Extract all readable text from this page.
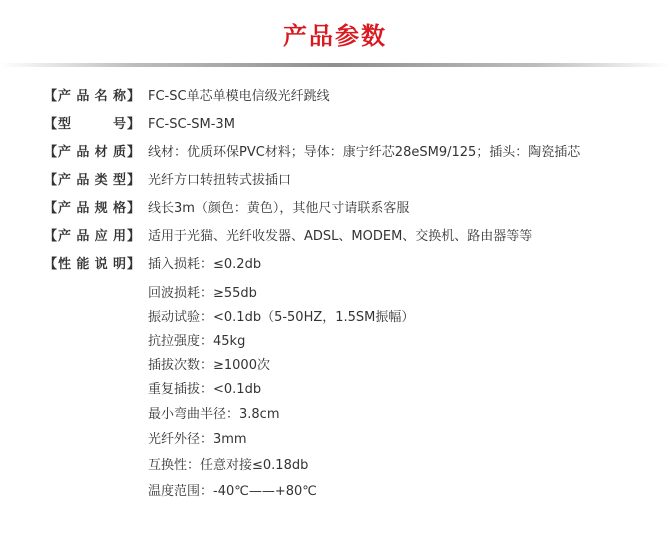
产品参数
【 产品名称 】 FC-SC单芯单模电信级光纤跳线
【 型号 】 FC-SC-SM-3M
【 产品材质 】 线材：优质环保PVC材料；导体：康宁纤芯28eSM9/125；插头：陶瓷插芯
【 产品类型 】 光纤方口转扭转式拔插口
【 产品规格 】 线长3m（颜色：黄色），其他尺寸请联系客服
【 产品应用 】 适用于光猫、光纤收发器、ADSL、MODEM、交换机、路由器等等
【 性能说明 】 插入损耗：≤0.2db
回波损耗：≥55db
振动试验：<0.1db（5-50HZ，1.5SM振幅）
抗拉强度：45kg
插拔次数：≥1000次
重复插拔：<0.1db
最小弯曲半径：3.8cm
光纤外径：3mm
互换性：任意对接≤0.18db
温度范围：-40℃——+80℃
